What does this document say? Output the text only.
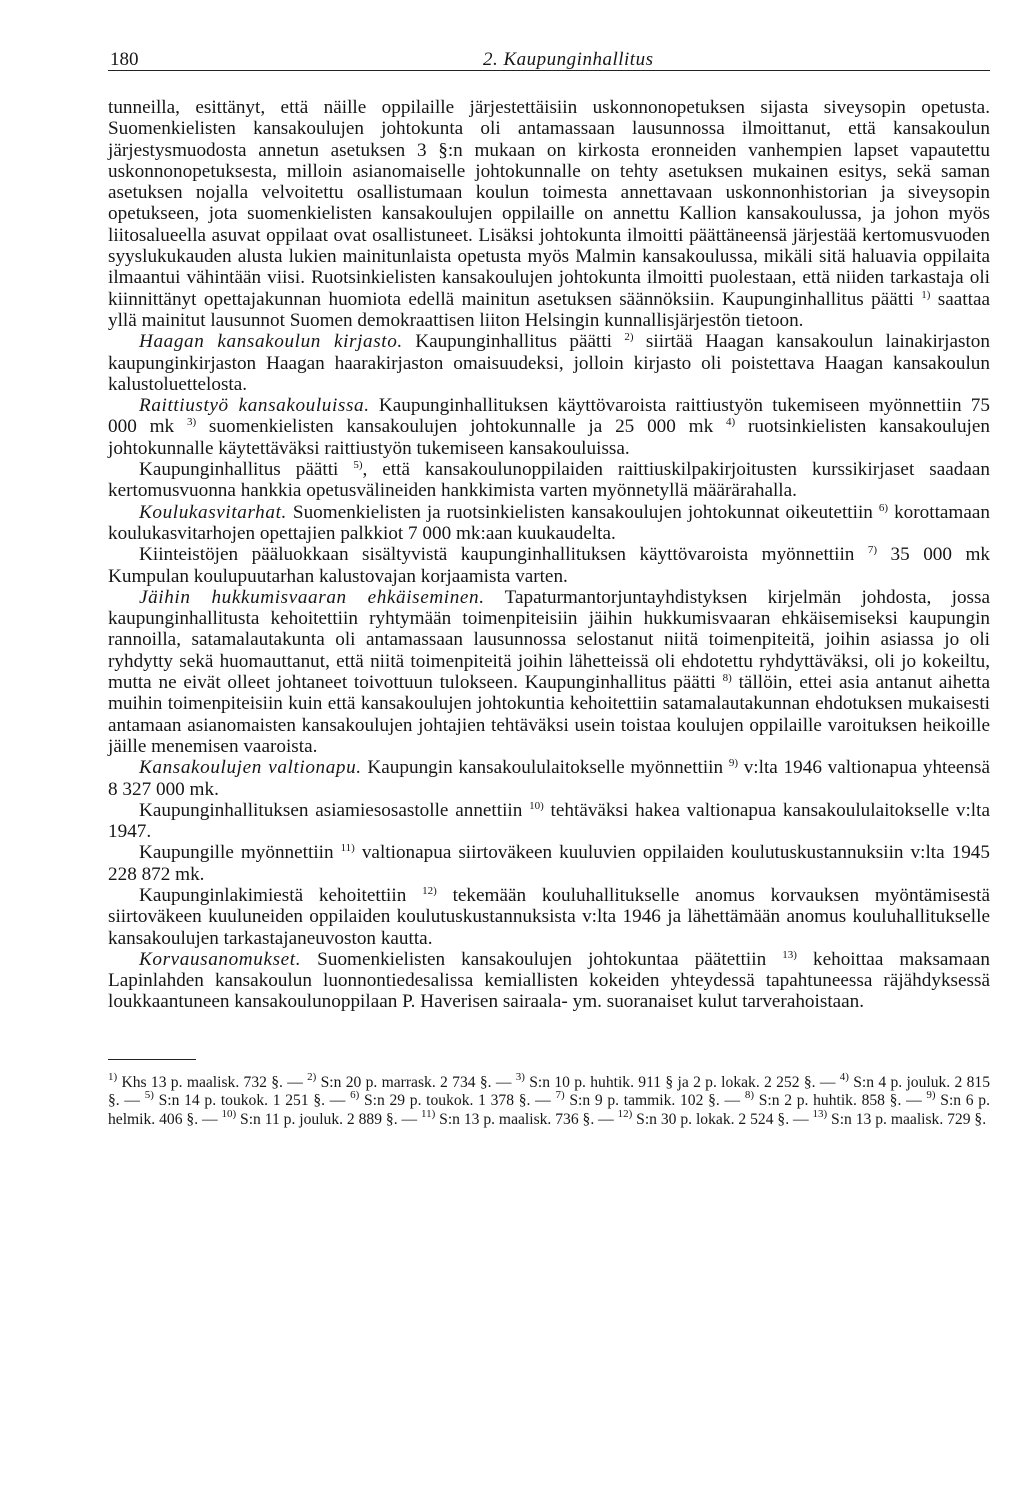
180	2. Kaupunginhallitus

tunneilla, esittänyt, että näille oppilaille järjestettäisiin uskonnonopetuksen sijasta siveysopin opetusta. Suomenkielisten kansakoulujen johtokunta oli antamassaan lausunnossa ilmoittanut, että kansakoulun järjestysmuodosta annetun asetuksen 3 §:n mukaan on kirkosta eronneiden vanhempien lapset vapautettu uskonnonopetuksesta, milloin asianomaiselle johtokunnalle on tehty asetuksen mukainen esitys, sekä saman asetuksen nojalla velvoitettu osallistumaan koulun toimesta annettavaan uskonnonhistorian ja siveysopin opetukseen, jota suomenkielisten kansakoulujen oppilaille on annettu Kallion kansakoulussa, ja johon myös liitosalueella asuvat oppilaat ovat osallistuneet. Lisäksi johtokunta ilmoitti päättäneensä järjestää kertomusvuoden syyslukukauden alusta lukien mainitunlaista opetusta myös Malmin kansakoulussa, mikäli sitä haluavia oppilaita ilmaantui vähintään viisi. Ruotsinkielisten kansakoulujen johtokunta ilmoitti puolestaan, että niiden tarkastaja oli kiinnittänyt opettajakunnan huomiota edellä mainitun asetuksen säännöksiin. Kaupunginhallitus päätti $^{1)}$ saattaa yllä mainitut lausunnot Suomen demokraattisen liiton Helsingin kunnallisjärjestön tietoon.

Haagan kansakoulun kirjasto. Kaupunginhallitus päätti $^{2)}$ siirtää Haagan kansakoulun lainakirjaston kaupunginkirjaston Haagan haarakirjaston omaisuudeksi, jolloin kirjasto oli poistettava Haagan kansakoulun kalustoluettelosta.

Raittiustyö kansakouluissa. Kaupunginhallituksen käyttövaroista raittiustyön tukemiseen myönnettiin 75 000 mk $^{3)}$ suomenkielisten kansakoulujen johtokunnalle ja 25 000 mk $^{4)}$ ruotsinkielisten kansakoulujen johtokunnalle käytettäväksi raittiustyön tukemiseen kansakouluissa.

Kaupunginhallitus päätti $^{5)}$, että kansakoulunoppilaiden raittiuskilpakirjoitusten kurssikirjaset saadaan kertomusvuonna hankkia opetusvälineiden hankkimista varten myönnetyllä määrärahalla.

Koulukasvitarhat. Suomenkielisten ja ruotsinkielisten kansakoulujen johtokunnat oikeutettiin $^{6)}$ korottamaan koulukasvitarhojen opettajien palkkiot 7 000 mk:aan kuukaudelta.

Kiinteistöjen pääluokkaan sisältyvistä kaupunginhallituksen käyttövaroista myönnettiin $^{7)}$ 35 000 mk Kumpulan koulupuutarhan kalustovajan korjaamista varten.

Jäihin hukkumisvaaran ehkäiseminen. Tapaturmantorjuntayhdistyksen kirjelmän johdosta, jossa kaupunginhallitusta kehoitettiin ryhtymään toimenpiteisiin jäihin hukkumisvaaran ehkäisemiseksi kaupungin rannoilla, satamalautakunta oli antamassaan lausunnossa selostanut niitä toimenpiteitä, joihin asiassa jo oli ryhdytty sekä huomauttanut, että niitä toimenpiteitä joihin lähetteissä oli ehdotettu ryhdyttäväksi, oli jo kokeiltu, mutta ne eivät olleet johtaneet toivottuun tulokseen. Kaupunginhallitus päätti $^{8)}$ tällöin, ettei asia antanut aihetta muihin toimenpiteisiin kuin että kansakoulujen johtokuntia kehoitettiin satamalautakunnan ehdotuksen mukaisesti antamaan asianomaisten kansakoulujen johtajien tehtäväksi usein toistaa koulujen oppilaille varoituksen heikoille jäille menemisen vaaroista.

Kansakoulujen valtionapu. Kaupungin kansakoululaitokselle myönnettiin $^{9)}$ v:lta 1946 valtionapua yhteensä 8 327 000 mk.

Kaupunginhallituksen asiamiesosastolle annettiin $^{10)}$ tehtäväksi hakea valtionapua kansakoululaitokselle v:lta 1947.

Kaupungille myönnettiin $^{11)}$ valtionapua siirtoväkeen kuuluvien oppilaiden koulutuskustannuksiin v:lta 1945 228 872 mk.

Kaupunginlakimiestä kehoitettiin $^{12)}$ tekemään kouluhallitukselle anomus korvauksen myöntämisestä siirtoväkeen kuuluneiden oppilaiden koulutuskustannuksista v:lta 1946 ja lähettämään anomus kouluhallitukselle kansakoulujen tarkastajaneuvoston kautta.

Korvausanomukset. Suomenkielisten kansakoulujen johtokuntaa päätettiin $^{13)}$ kehoittaa maksamaan Lapinlahden kansakoulun luonnontiedesalissa kemiallisten kokeiden yhteydessä tapahtuneessa räjähdyksessä loukkaantuneen kansakoulunoppilaan P. Haverisen sairaala- ym. suoranaiset kulut tarverahoistaan.

$^{1)}$ Khs 13 p. maalisk. 732 §. — $^{2)}$ S:n 20 p. marrask. 2 734 §. — $^{3)}$ S:n 10 p. huhtik. 911 § ja 2 p. lokak. 2 252 §. — $^{4)}$ S:n 4 p. jouluk. 2 815 §. — $^{5)}$ S:n 14 p. toukok. 1 251 §. — $^{6)}$ S:n 29 p. toukok. 1 378 §. — $^{7)}$ S:n 9 p. tammik. 102 §. — $^{8)}$ S:n 2 p. huhtik. 858 §. — $^{9)}$ S:n 6 p. helmik. 406 §. — $^{10)}$ S:n 11 p. jouluk. 2 889 §. — $^{11)}$ S:n 13 p. maalisk. 736 §. — $^{12)}$ S:n 30 p. lokak. 2 524 §. — $^{13)}$ S:n 13 p. maalisk. 729 §.
